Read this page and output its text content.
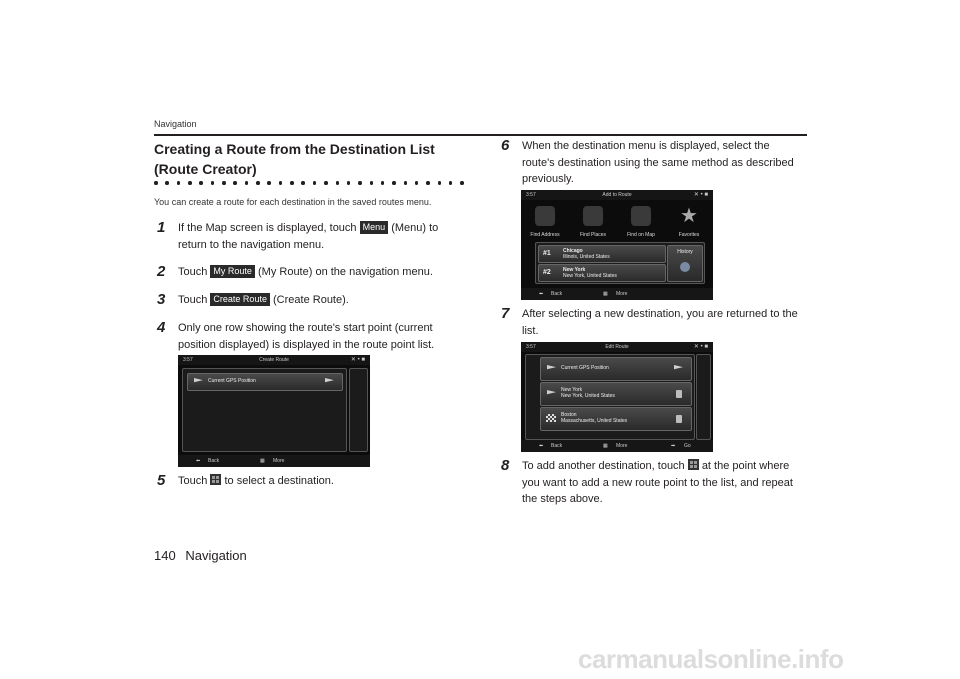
Navigation
Creating a Route from the Destination List
(Route Creator)
You can create a route for each destination in the saved routes menu.
1	If the Map screen is displayed, touch Menu (Menu) to
return to the navigation menu.
2	Touch My Route (My Route) on the navigation menu.
3	Touch Create Route (Create Route).
4 Only one row showing the route's start point (current
position displayed) is displayed in the route point list.
3:57	Create Route	✕ • ■
Current GPS Position
⬅ Back	▦ More
5	Touch to select a destination.
6 When the destination menu is displayed, select the
route's destination using the same method as described
previously.
3:57	Add to Route	✕ • ■
Find Address	Find Places	Find on Map
★
Favorites
#1 Chicago
Illinois, United States
#2 New York
New York, United States
History
⬅ Back	▦ More
7 After selecting a new destination, you are returned to the
list.
3:57	Edit Route	✕ • ■
Current GPS Position
New York
New York, United States
Boston
Massachusetts, United States
⬅ Back	▦ More	➡ Go
8	To add another destination, touch at the point where
you want to add a new route point to the list, and repeat
the steps above.
140 Navigation
carmanualsonline.info
